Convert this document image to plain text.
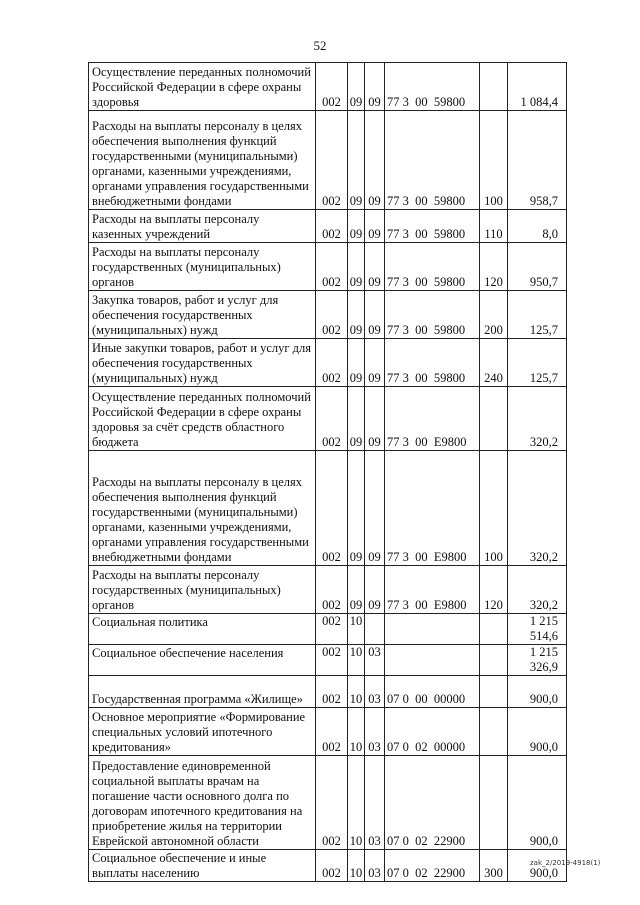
52
Осуществление переданных полномочий Российской Федерации в сфере охраны здоровья	002	09	09	77 3  00  59800		1 084,4
Расходы на выплаты персоналу в целях обеспечения выполнения функций государственными (муниципальными) органами, казенными учреждениями, органами управления государственными внебюджетными фондами	002	09	09	77 3  00  59800	100	958,7
Расходы на выплаты персоналу казенных учреждений	002	09	09	77 3  00  59800	110	8,0
Расходы на выплаты персоналу государственных (муниципальных) органов	002	09	09	77 3  00  59800	120	950,7
Закупка товаров, работ и услуг для обеспечения государственных (муниципальных) нужд	002	09	09	77 3  00  59800	200	125,7
Иные закупки товаров, работ и услуг для обеспечения государственных (муниципальных) нужд	002	09	09	77 3  00  59800	240	125,7
Осуществление переданных полномочий Российской Федерации в сфере охраны здоровья за счёт средств областного бюджета	002	09	09	77 3  00  Е9800		320,2
Расходы на выплаты персоналу в целях обеспечения выполнения функций государственными (муниципальными) органами, казенными учреждениями, органами управления государственными внебюджетными фондами	002	09	09	77 3  00  Е9800	100	320,2
Расходы на выплаты персоналу государственных (муниципальных) органов	002	09	09	77 3  00  Е9800	120	320,2
Социальная политика	002	10				1 215 514,6
Социальное обеспечение населения	002	10	03			1 215 326,9
Государственная программа «Жилище»	002	10	03	07 0  00  00000		900,0
Основное мероприятие «Формирование специальных условий ипотечного кредитования»	002	10	03	07 0  02  00000		900,0
Предоставление единовременной социальной выплаты врачам на погашение части основного долга по договорам ипотечного кредитования на приобретение жилья на территории Еврейской автономной области	002	10	03	07 0  02  22900		900,0
Социальное обеспечение и иные выплаты населению	002	10	03	07 0  02  22900	300	900,0
zak_2/2019-4918(1)
